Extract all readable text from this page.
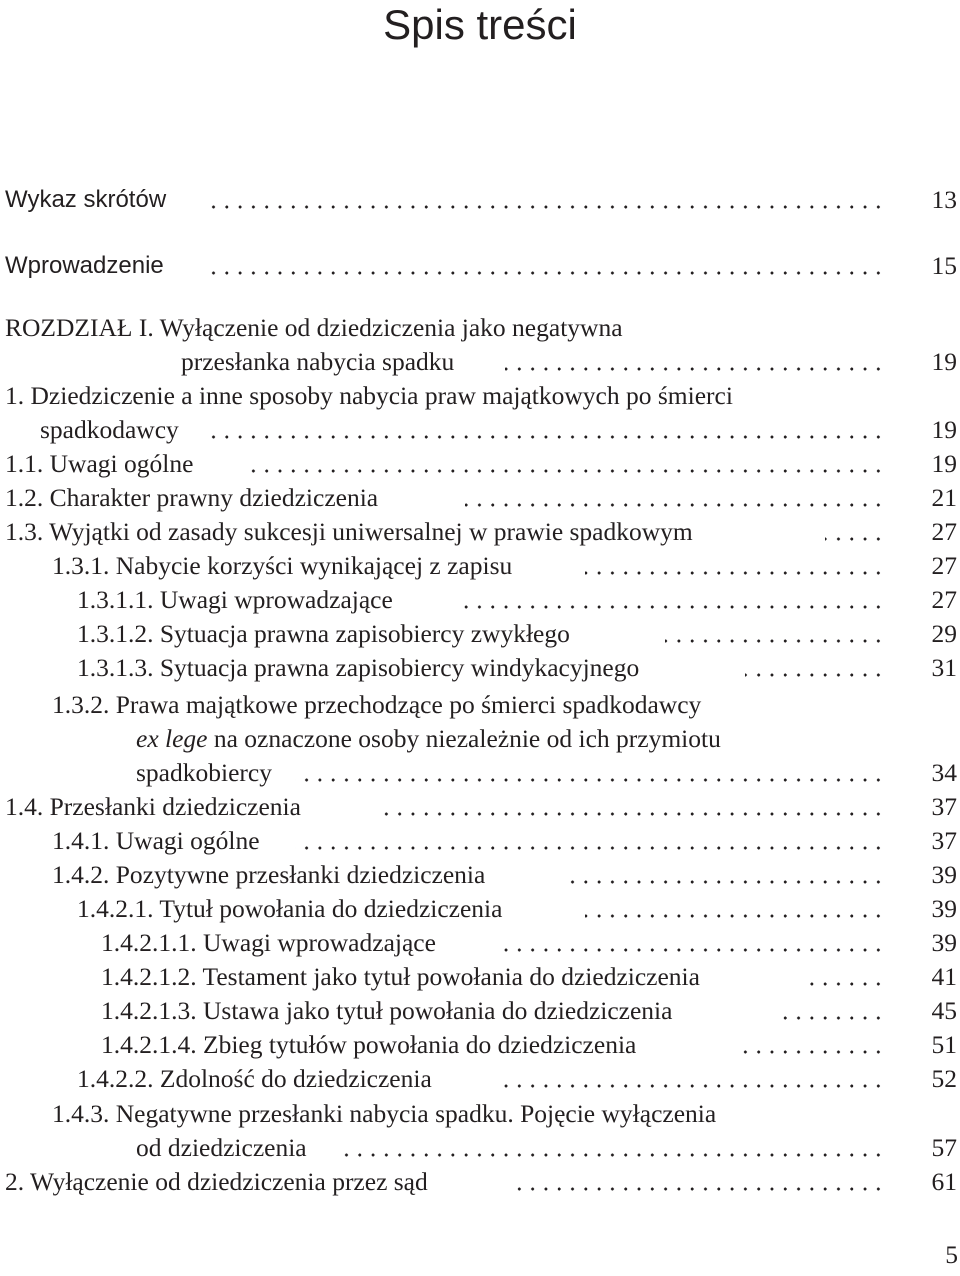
Spis treści
Wykaz skrótów	13
Wprowadzenie	15
ROZDZIAŁ I. Wyłączenie od dziedziczenia jako negatywna
przesłanka nabycia spadku	19
1. Dziedziczenie a inne sposoby nabycia praw majątkowych po śmierci
spadkodawcy	19
1.1. Uwagi ogólne	19
1.2. Charakter prawny dziedziczenia	21
1.3. Wyjątki od zasady sukcesji uniwersalnej w prawie spadkowym	27
1.3.1. Nabycie korzyści wynikającej z zapisu	27
1.3.1.1. Uwagi wprowadzające	27
1.3.1.2. Sytuacja prawna zapisobiercy zwykłego	29
1.3.1.3. Sytuacja prawna zapisobiercy windykacyjnego	31
1.3.2. Prawa majątkowe przechodzące po śmierci spadkodawcy
ex lege na oznaczone osoby niezależnie od ich przymiotu
spadkobiercy	34
1.4. Przesłanki dziedziczenia	37
1.4.1. Uwagi ogólne	37
1.4.2. Pozytywne przesłanki dziedziczenia	39
1.4.2.1. Tytuł powołania do dziedziczenia	39
1.4.2.1.1. Uwagi wprowadzające	39
1.4.2.1.2. Testament jako tytuł powołania do dziedziczenia	41
1.4.2.1.3. Ustawa jako tytuł powołania do dziedziczenia	45
1.4.2.1.4. Zbieg tytułów powołania do dziedziczenia	51
1.4.2.2. Zdolność do dziedziczenia	52
1.4.3. Negatywne przesłanki nabycia spadku. Pojęcie wyłączenia
od dziedziczenia	57
2. Wyłączenie od dziedziczenia przez sąd	61
5
